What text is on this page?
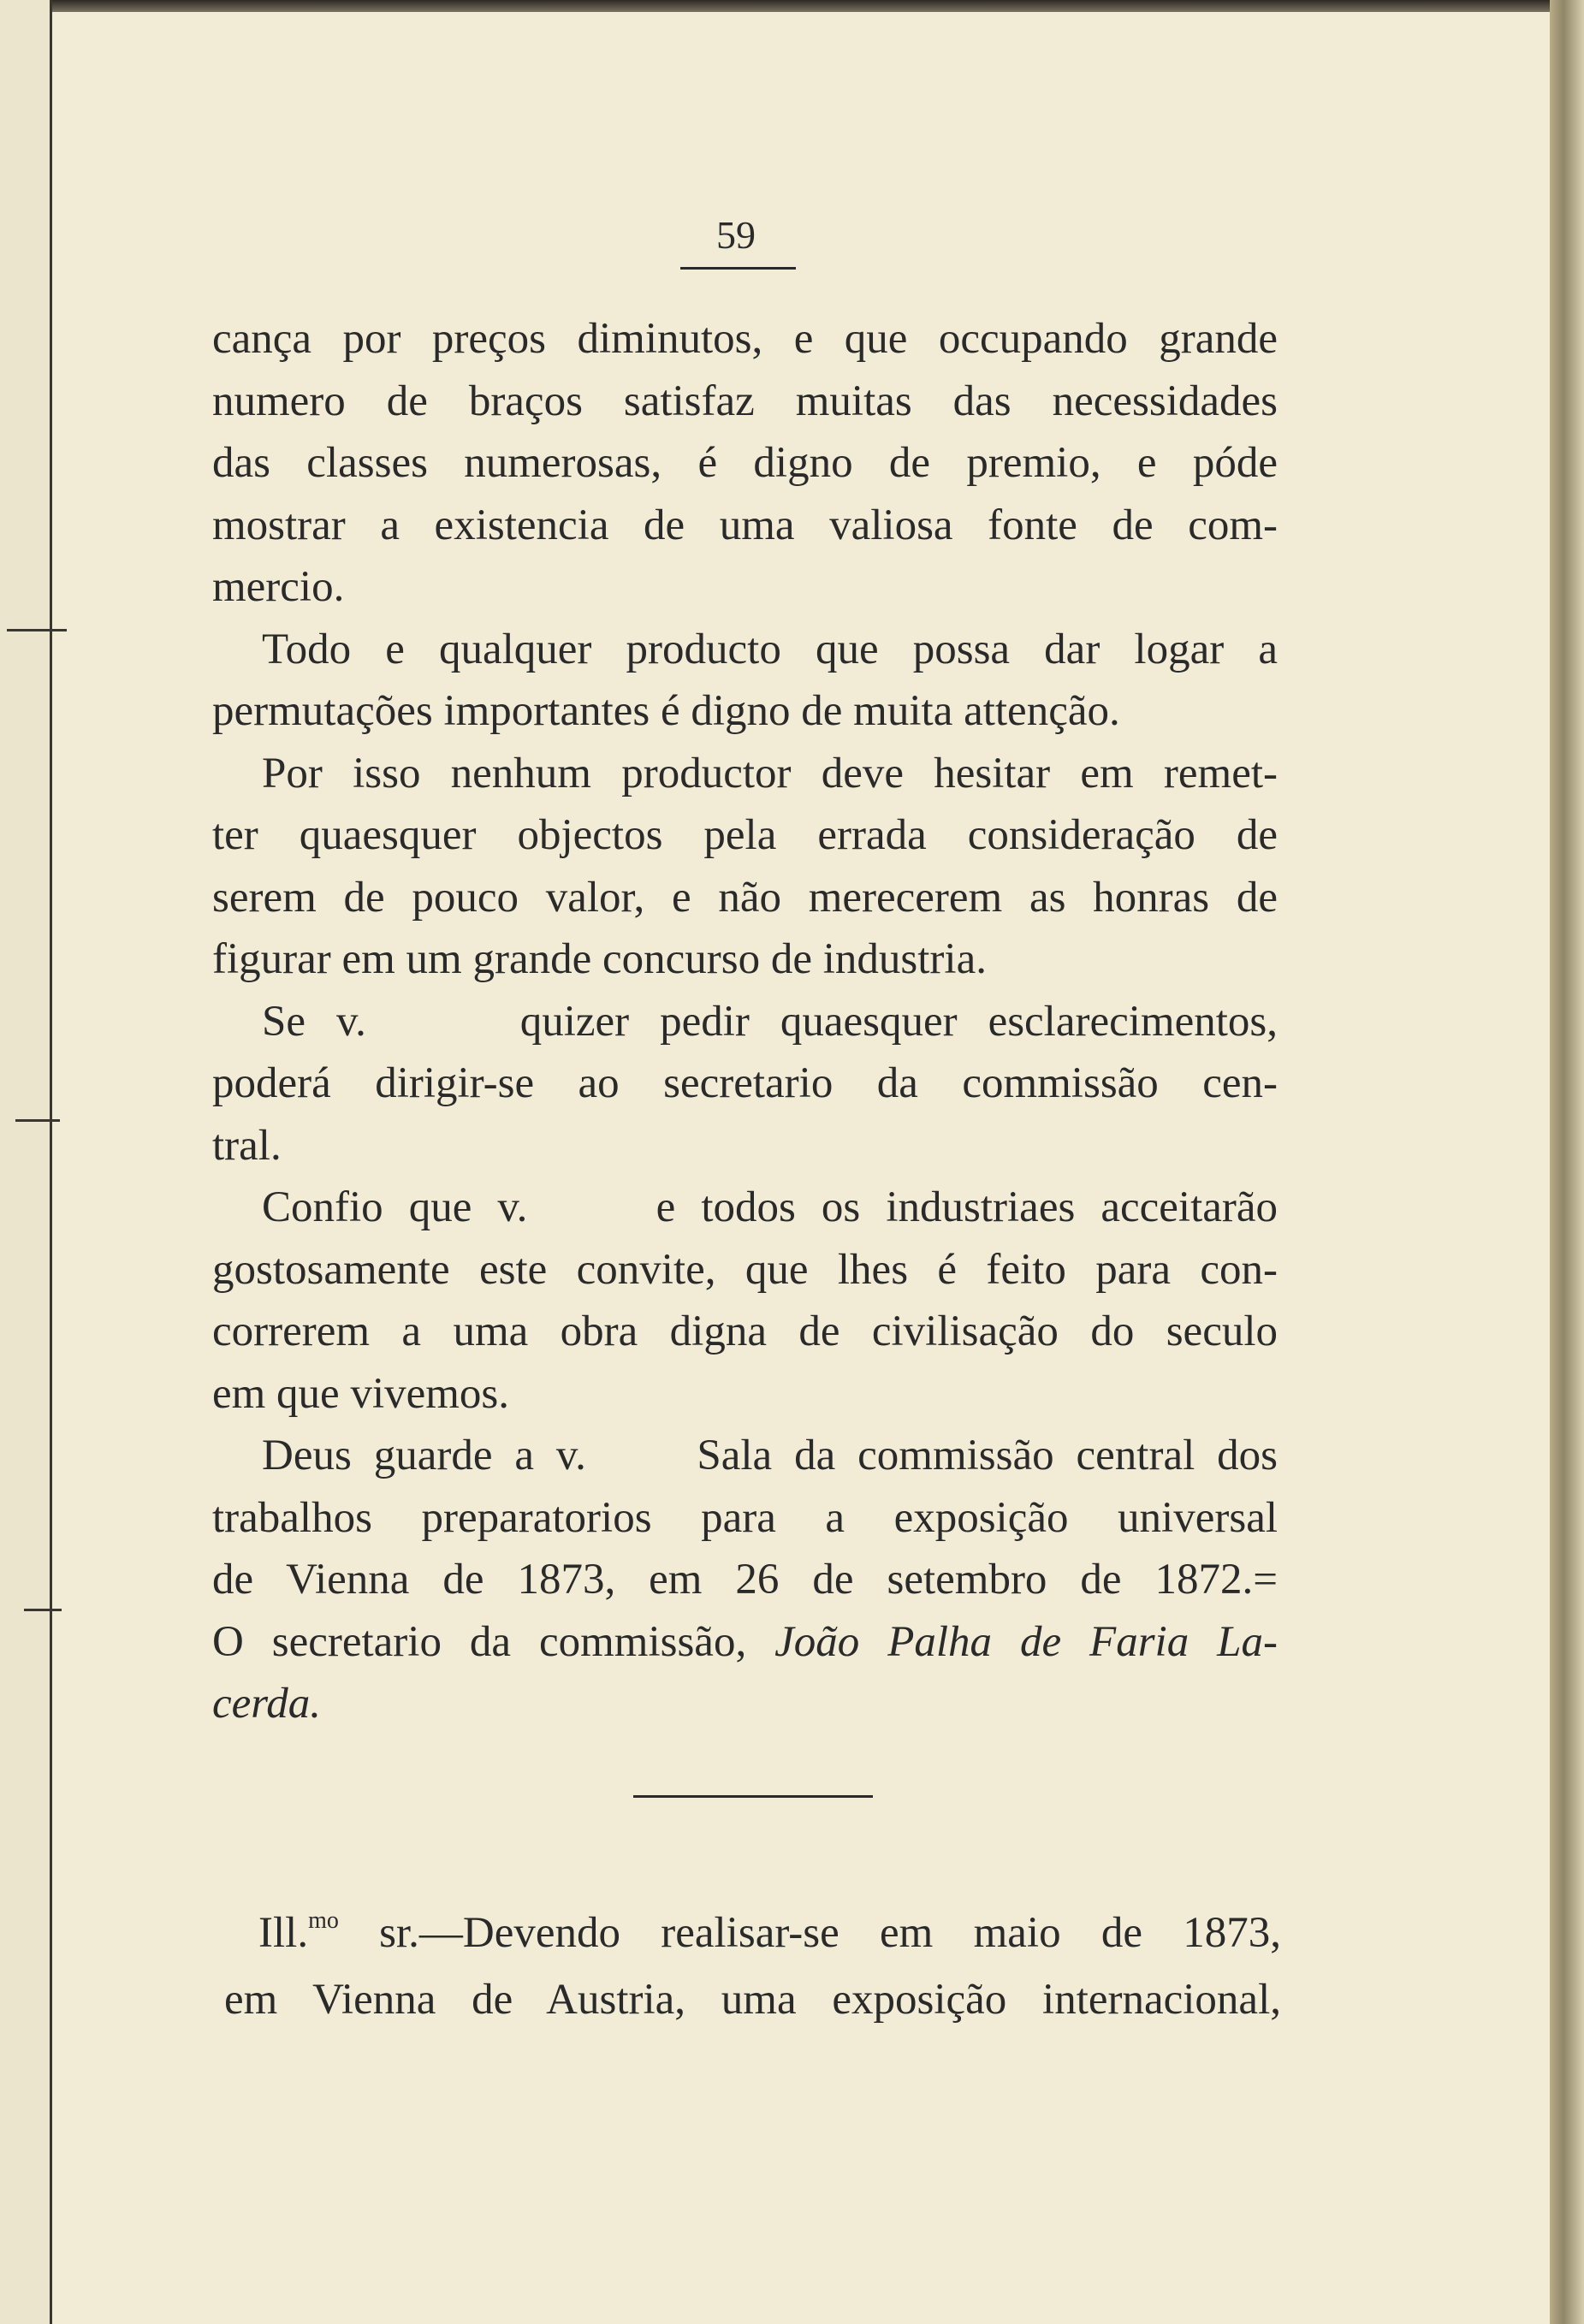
59
cança por preços diminutos, e que occupando grande
numero de braços satisfaz muitas das necessidades
das classes numerosas, é digno de premio, e póde
mostrar a existencia de uma valiosa fonte de com-
mercio.
Todo e qualquer producto que possa dar logar a
permutações importantes é digno de muita attenção.
Por isso nenhum productor deve hesitar em remet-
ter quaesquer objectos pela errada consideração de
serem de pouco valor, e não merecerem as honras de
figurar em um grande concurso de industria.
Se v.     quizer pedir quaesquer esclarecimentos,
poderá dirigir-se ao secretario da commissão cen-
tral.
Confio que v.     e todos os industriaes acceitarão
gostosamente este convite, que lhes é feito para con-
correrem a uma obra digna de civilisação do seculo
em que vivemos.
Deus guarde a v.     Sala da commissão central dos
trabalhos preparatorios para a exposição universal
de Vienna de 1873, em 26 de setembro de 1872.=
O secretario da commissão, João Palha de Faria La-
cerda.
Ill.$^{mo}$ sr.—Devendo realisar-se em maio de 1873,
em Vienna de Austria, uma exposição internacional,
